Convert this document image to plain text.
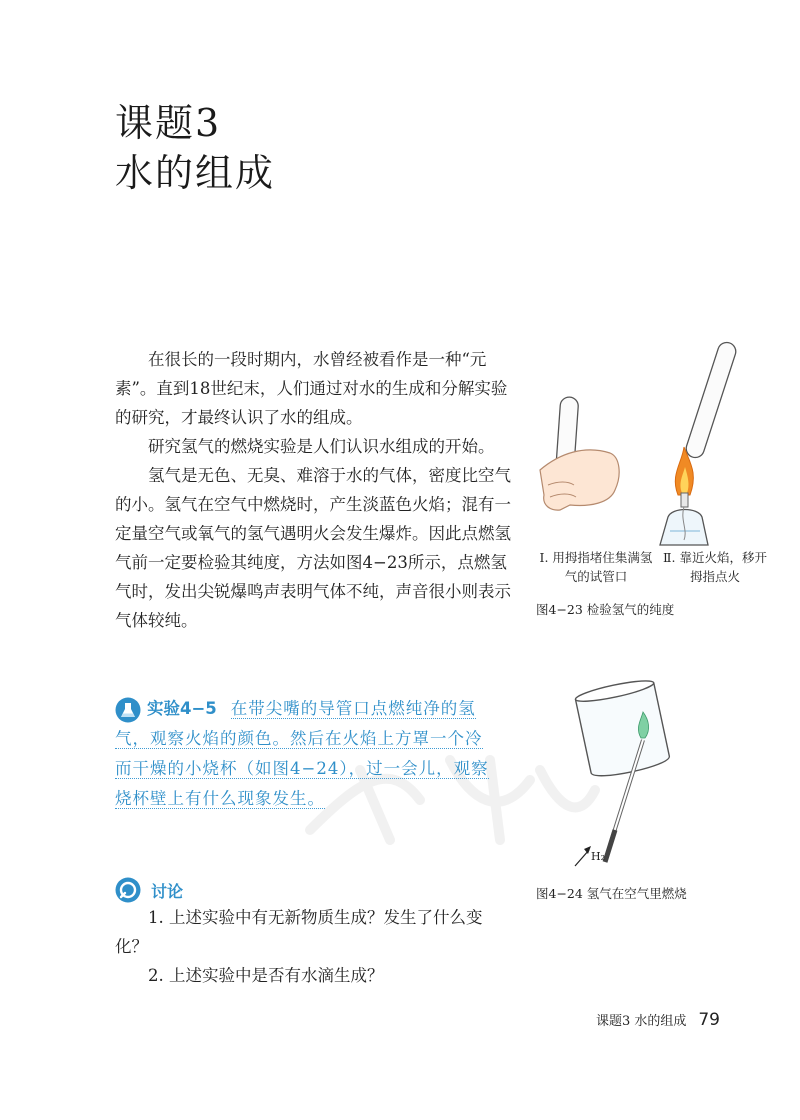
课题3
水的组成

在很长的一段时期内，水曾经被看作是一种“元素”。直到18世纪末，人们通过对水的生成和分解实验的研究，才最终认识了水的组成。

研究氢气的燃烧实验是人们认识水组成的开始。

氢气是无色、无臭、难溶于水的气体，密度比空气的小。氢气在空气中燃烧时，产生淡蓝色火焰；混有一定量空气或氧气的氢气遇明火会发生爆炸。因此点燃氢气前一定要检验其纯度，方法如图4−23所示，点燃氢气时，发出尖锐爆鸣声表明气体不纯，声音很小则表示气体较纯。

Ⅰ. 用拇指堵住集满氢气的试管口
Ⅱ. 靠近火焰，移开拇指点火
图4−23 检验氢气的纯度
实验4−5 在带尖嘴的导管口点燃纯净的氢
气，观察火焰的颜色。然后在火焰上方罩一个冷
而干燥的小烧杯（如图4−24），过一会儿，观察
烧杯壁上有什么现象发生。
H₂
图4−24 氢气在空气里燃烧
讨论

1. 上述实验中有无新物质生成？发生了什么变化？

2. 上述实验中是否有水滴生成？

课题3 水的组成 79
